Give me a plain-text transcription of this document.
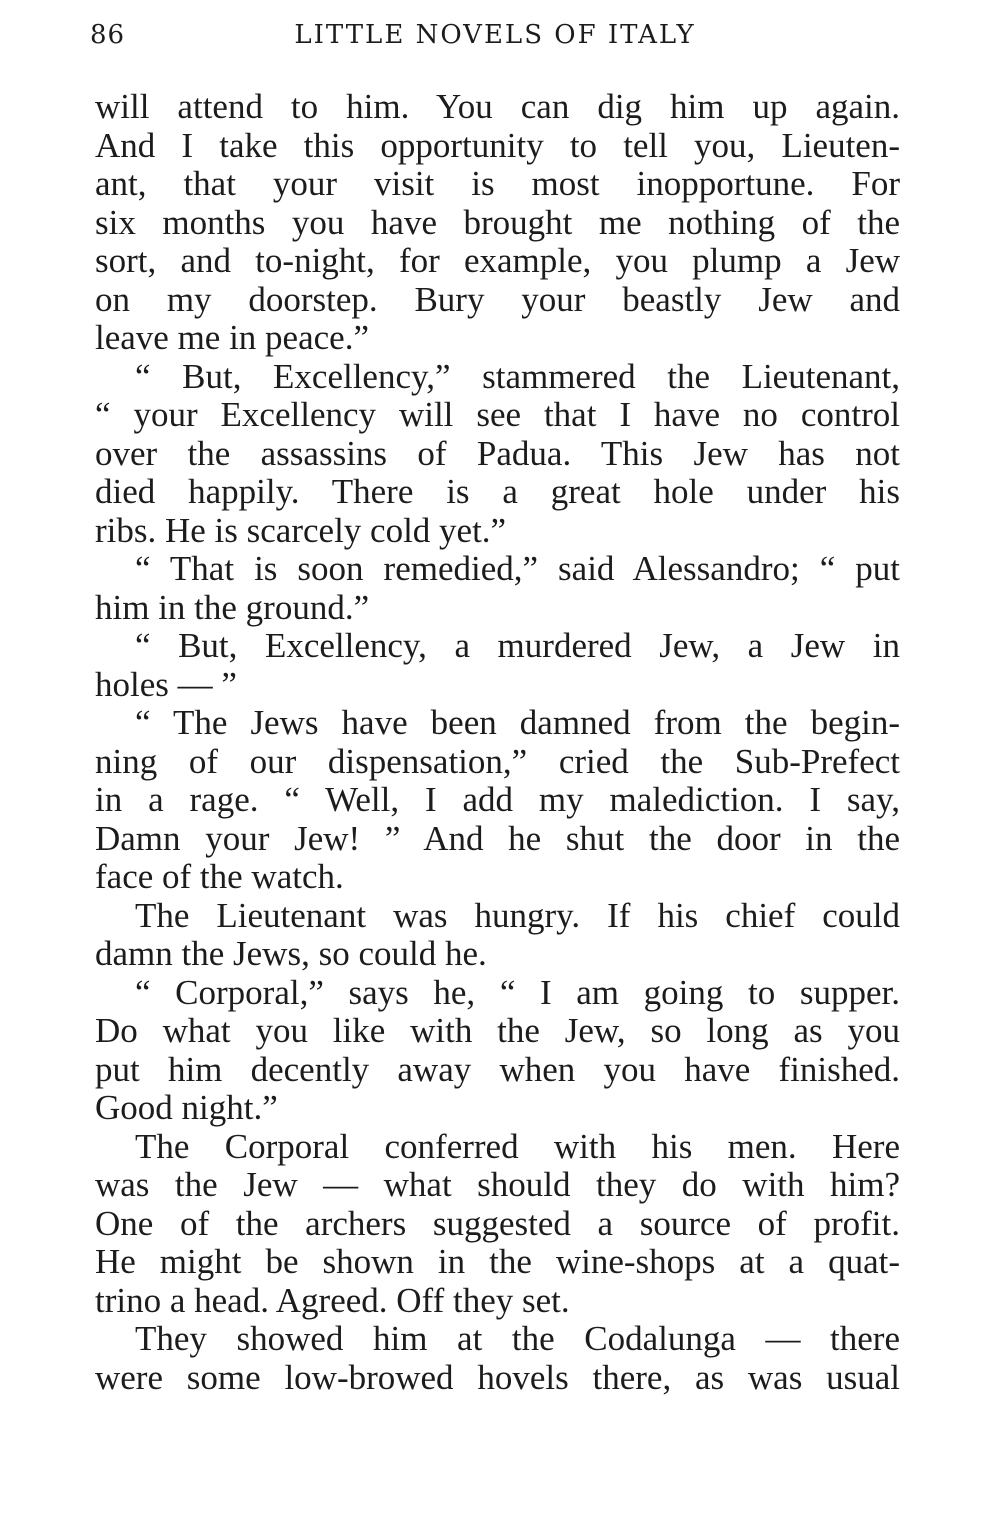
86	LITTLE NOVELS OF ITALY
will attend to him. You can dig him up again.
And I take this opportunity to tell you, Lieuten-
ant, that your visit is most inopportune. For
six months you have brought me nothing of the
sort, and to-night, for example, you plump a Jew
on my doorstep. Bury your beastly Jew and
leave me in peace.”
“ But, Excellency,” stammered the Lieutenant,
“ your Excellency will see that I have no control
over the assassins of Padua. This Jew has not
died happily. There is a great hole under his
ribs. He is scarcely cold yet.”
“ That is soon remedied,” said Alessandro; “ put
him in the ground.”
“ But, Excellency, a murdered Jew, a Jew in
holes — ”
“ The Jews have been damned from the begin-
ning of our dispensation,” cried the Sub-Prefect
in a rage. “ Well, I add my malediction. I say,
Damn your Jew! ” And he shut the door in the
face of the watch.
The Lieutenant was hungry. If his chief could
damn the Jews, so could he.
“ Corporal,” says he, “ I am going to supper.
Do what you like with the Jew, so long as you
put him decently away when you have finished.
Good night.”
The Corporal conferred with his men. Here
was the Jew — what should they do with him?
One of the archers suggested a source of profit.
He might be shown in the wine-shops at a quat-
trino a head. Agreed. Off they set.
They showed him at the Codalunga — there
were some low-browed hovels there, as was usual
